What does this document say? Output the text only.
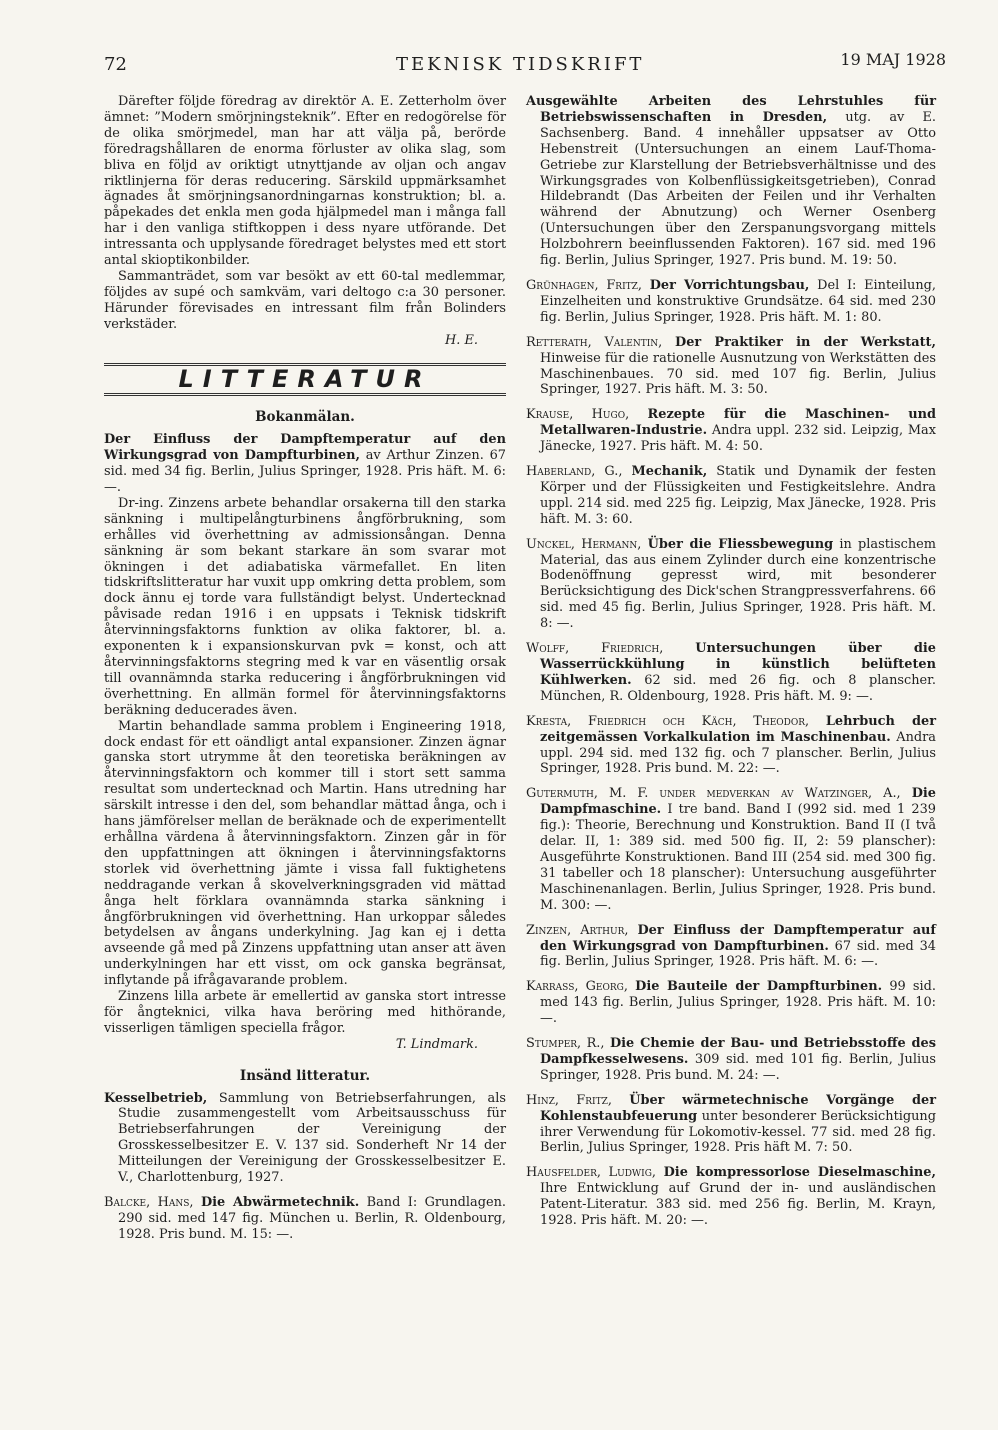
72	TEKNISK TIDSKRIFT	19 MAJ 1928

Därefter följde föredrag av direktör A. E. Zetterholm över ämnet: ”Modern smörjningsteknik”. Efter en redogörelse för de olika smörjmedel, man har att välja på, berörde föredragshållaren de enorma förluster av olika slag, som bliva en följd av oriktigt utnyttjande av oljan och angav riktlinjerna för deras reducering. Särskild uppmärksamhet ägnades åt smörjningsanordningarnas konstruktion; bl. a. påpekades det enkla men goda hjälpmedel man i många fall har i den vanliga stiftkoppen i dess nyare utförande. Det intressanta och upplysande föredraget belystes med ett stort antal skioptikonbilder.

Sammanträdet, som var besökt av ett 60-tal medlemmar, följdes av supé och samkväm, vari deltogo c:a 30 personer. Härunder förevisades en intressant film från Bolinders verkstäder.

H. E.

LITTERATUR
Bokanmälan.

Der Einfluss der Dampftemperatur auf den Wirkungsgrad von Dampfturbinen, av Arthur Zinzen. 67 sid. med 34 fig. Berlin, Julius Springer, 1928. Pris häft. M. 6: —.

Dr-ing. Zinzens arbete behandlar orsakerna till den starka sänkning i multipelångturbinens ångförbrukning, som erhålles vid överhettning av admissionsångan. Denna sänkning är som bekant starkare än som svarar mot ökningen i det adiabatiska värmefallet. En liten tidskriftslitteratur har vuxit upp omkring detta problem, som dock ännu ej torde vara fullständigt belyst. Undertecknad påvisade redan 1916 i en uppsats i Teknisk tidskrift återvinningsfaktorns funktion av olika faktorer, bl. a. exponenten k i expansionskurvan pvk = konst, och att återvinningsfaktorns stegring med k var en väsentlig orsak till ovannämnda starka reducering i ångförbrukningen vid överhettning. En allmän formel för återvinningsfaktorns beräkning deducerades även.

Martin behandlade samma problem i Engineering 1918, dock endast för ett oändligt antal expansioner. Zinzen ägnar ganska stort utrymme åt den teoretiska beräkningen av återvinningsfaktorn och kommer till i stort sett samma resultat som undertecknad och Martin. Hans utredning har särskilt intresse i den del, som behandlar mättad ånga, och i hans jämförelser mellan de beräknade och de experimentellt erhållna värdena å återvinningsfaktorn. Zinzen går in för den uppfattningen att ökningen i återvinningsfaktorns storlek vid överhettning jämte i vissa fall fuktighetens neddragande verkan å skovelverkningsgraden vid mättad ånga helt förklara ovannämnda starka sänkning i ångförbrukningen vid överhettning. Han urkoppar således betydelsen av ångans underkylning. Jag kan ej i detta avseende gå med på Zinzens uppfattning utan anser att även underkylningen har ett visst, om ock ganska begränsat, inflytande på ifrågavarande problem.

Zinzens lilla arbete är emellertid av ganska stort intresse för ångteknici, vilka hava beröring med hithörande, visserligen tämligen speciella frågor.

T. Lindmark.

Insänd litteratur.

Kesselbetrieb, Sammlung von Betriebserfahrungen, als Studie zusammengestellt vom Arbeitsausschuss für Betriebserfahrungen der Vereinigung der Grosskesselbesitzer E. V. 137 sid. Sonderheft Nr 14 der Mitteilungen der Vereinigung der Grosskesselbesitzer E. V., Charlottenburg, 1927.

Balcke, Hans, Die Abwärmetechnik. Band I: Grundlagen. 290 sid. med 147 fig. München u. Berlin, R. Oldenbourg, 1928. Pris bund. M. 15: —.

Ausgewählte Arbeiten des Lehrstuhles für Betriebswissenschaften in Dresden, utg. av E. Sachsenberg. Band. 4 innehåller uppsatser av Otto Hebenstreit (Untersuchungen an einem Lauf-Thoma-Getriebe zur Klarstellung der Betriebsverhältnisse und des Wirkungsgrades von Kolbenflüssigkeitsgetrieben), Conrad Hildebrandt (Das Arbeiten der Feilen und ihr Verhalten während der Abnutzung) och Werner Osenberg (Untersuchungen über den Zerspanungsvorgang mittels Holzbohrern beeinflussenden Faktoren). 167 sid. med 196 fig. Berlin, Julius Springer, 1927. Pris bund. M. 19: 50.

Grünhagen, Fritz, Der Vorrichtungsbau, Del I: Einteilung, Einzelheiten und konstruktive Grundsätze. 64 sid. med 230 fig. Berlin, Julius Springer, 1928. Pris häft. M. 1: 80.

Retterath, Valentin, Der Praktiker in der Werkstatt, Hinweise für die rationelle Ausnutzung von Werkstätten des Maschinenbaues. 70 sid. med 107 fig. Berlin, Julius Springer, 1927. Pris häft. M. 3: 50.

Krause, Hugo, Rezepte für die Maschinen- und Metallwaren-Industrie. Andra uppl. 232 sid. Leipzig, Max Jänecke, 1927. Pris häft. M. 4: 50.

Haberland, G., Mechanik, Statik und Dynamik der festen Körper und der Flüssigkeiten und Festigkeitslehre. Andra uppl. 214 sid. med 225 fig. Leipzig, Max Jänecke, 1928. Pris häft. M. 3: 60.

Unckel, Hermann, Über die Fliessbewegung in plastischem Material, das aus einem Zylinder durch eine konzentrische Bodenöffnung gepresst wird, mit besonderer Berücksichtigung des Dick'schen Strangpressverfahrens. 66 sid. med 45 fig. Berlin, Julius Springer, 1928. Pris häft. M. 8: —.

Wolff, Friedrich, Untersuchungen über die Wasserrückkühlung in künstlich belüfteten Kühlwerken. 62 sid. med 26 fig. och 8 planscher. München, R. Oldenbourg, 1928. Pris häft. M. 9: —.

Kresta, Friedrich och Käch, Theodor, Lehrbuch der zeitgemässen Vorkalkulation im Maschinenbau. Andra uppl. 294 sid. med 132 fig. och 7 planscher. Berlin, Julius Springer, 1928. Pris bund. M. 22: —.

Gutermuth, M. F. under medverkan av Watzinger, A., Die Dampfmaschine. I tre band. Band I (992 sid. med 1 239 fig.): Theorie, Berechnung und Konstruktion. Band II (I två delar. II, 1: 389 sid. med 500 fig. II, 2: 59 planscher): Ausgeführte Konstruktionen. Band III (254 sid. med 300 fig. 31 tabeller och 18 planscher): Untersuchung ausgeführter Maschinenanlagen. Berlin, Julius Springer, 1928. Pris bund. M. 300: —.

Zinzen, Arthur, Der Einfluss der Dampftemperatur auf den Wirkungsgrad von Dampfturbinen. 67 sid. med 34 fig. Berlin, Julius Springer, 1928. Pris häft. M. 6: —.

Karrass, Georg, Die Bauteile der Dampfturbinen. 99 sid. med 143 fig. Berlin, Julius Springer, 1928. Pris häft. M. 10: —.

Stumper, R., Die Chemie der Bau- und Betriebsstoffe des Dampfkesselwesens. 309 sid. med 101 fig. Berlin, Julius Springer, 1928. Pris bund. M. 24: —.

Hinz, Fritz, Über wärmetechnische Vorgänge der Kohlenstaubfeuerung unter besonderer Berücksichtigung ihrer Verwendung für Lokomotiv-kessel. 77 sid. med 28 fig. Berlin, Julius Springer, 1928. Pris häft M. 7: 50.

Hausfelder, Ludwig, Die kompressorlose Dieselmaschine, Ihre Entwicklung auf Grund der in- und ausländischen Patent-Literatur. 383 sid. med 256 fig. Berlin, M. Krayn, 1928. Pris häft. M. 20: —.
